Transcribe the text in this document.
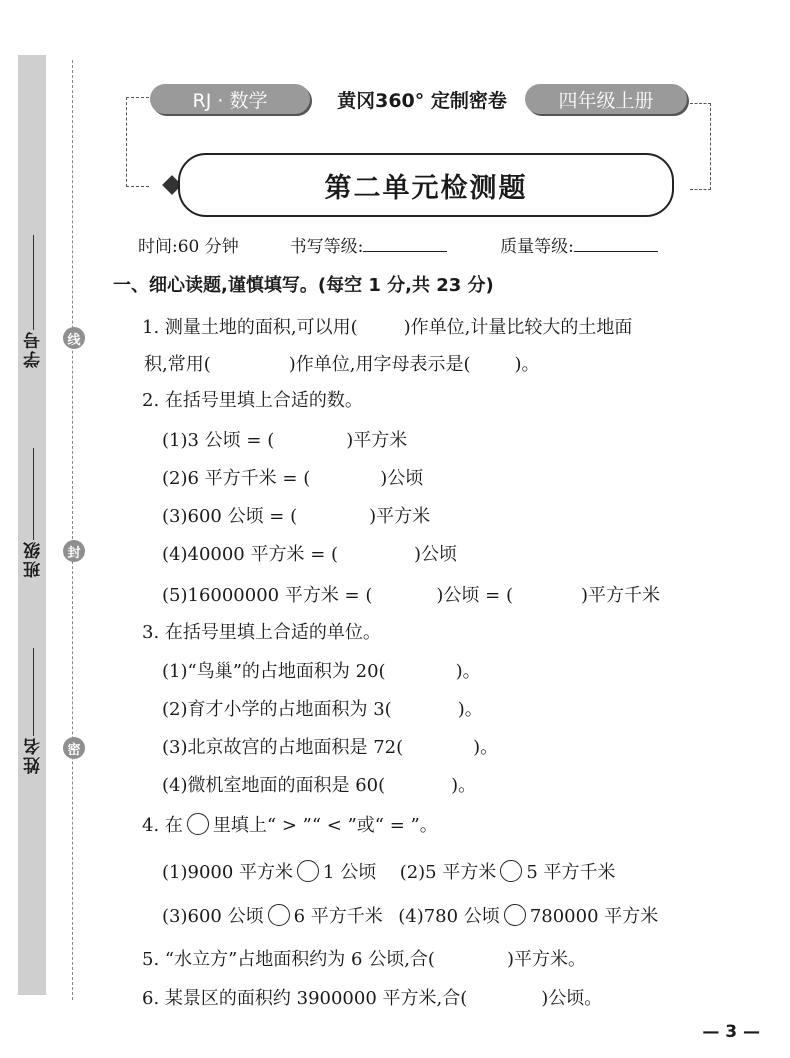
学号
班级
姓名
线
封
密
RJ · 数学	黄冈360° 定制密卷	四年级上册
第二单元检测题
时间:60 分钟	书写等级:	质量等级:
一、细心读题,谨慎填写。(每空 1 分,共 23 分)
1. 测量土地的面积,可以用(	)作单位,计量比较大的土地面
积,常用(	)作单位,用字母表示是( )。
2. 在括号里填上合适的数。
(1)3 公顷 = (	)平方米
(2)6 平方千米 = (	)公顷
(3)600 公顷 = (	)平方米
(4)40000 平方米 = (	)公顷
(5)16000000 平方米 = (	)公顷 = (	)平方千米
3. 在括号里填上合适的单位。
(1)“鸟巢”的占地面积为 20(	)。
(2)育才小学的占地面积为 3(	)。
(3)北京故宫的占地面积是 72(	)。
(4)微机室地面的面积是 60(	)。
4. 在 里填上“ > ”“ < ”或“ = ”。
(1)9000 平方米 1 公顷 (2)5 平方米 5 平方千米
(3)600 公顷 6 平方千米 (4)780 公顷 780000 平方米
5. “水立方”占地面积约为 6 公顷,合(	)平方米。
6. 某景区的面积约 3900000 平方米,合(	)公顷。
— 3 —
